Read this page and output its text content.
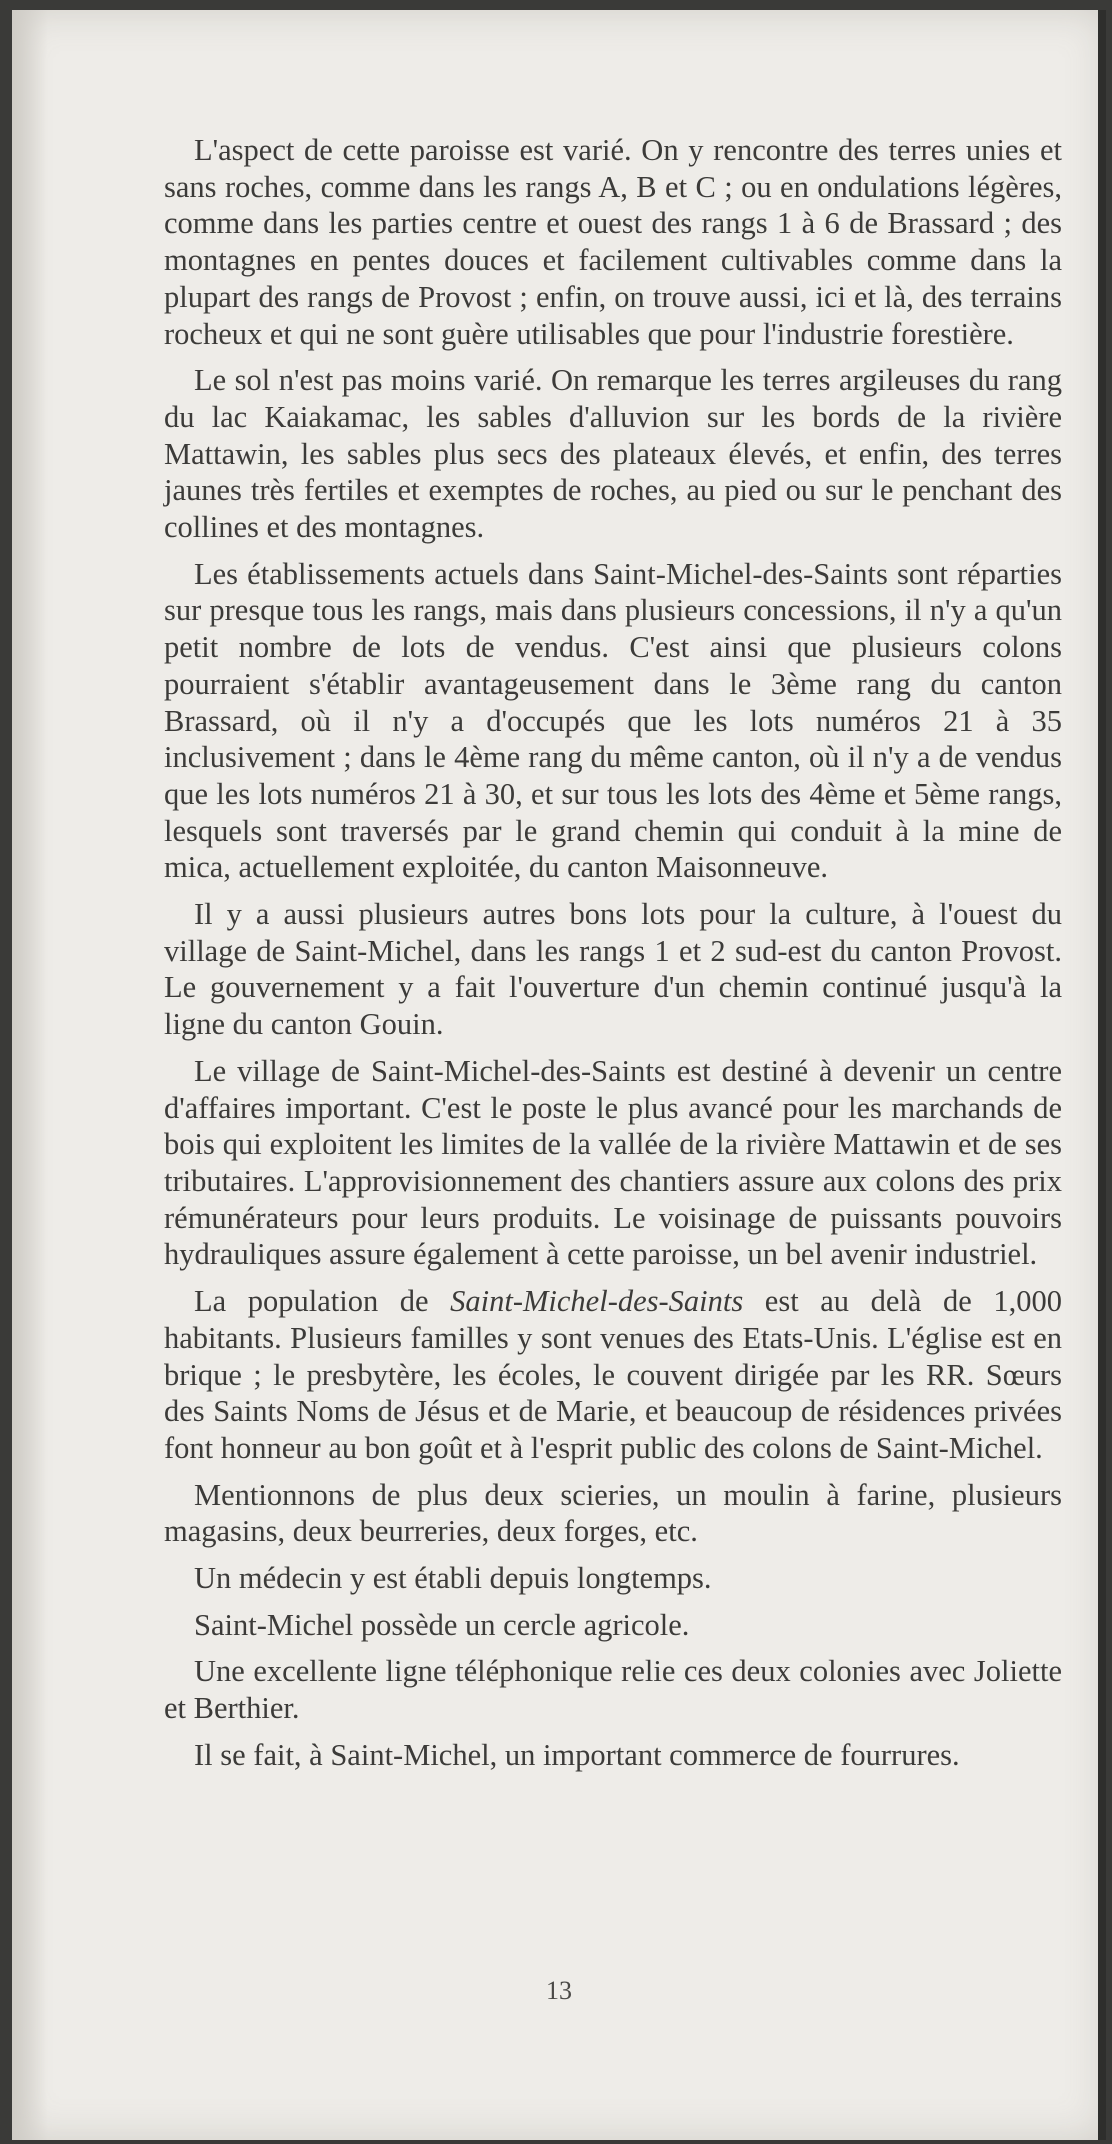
L'aspect de cette paroisse est varié. On y rencontre des terres unies et sans roches, comme dans les rangs A, B et C ; ou en ondulations légères, comme dans les parties centre et ouest des rangs 1 à 6 de Brassard ; des montagnes en pentes douces et facilement cultivables comme dans la plupart des rangs de Provost ; enfin, on trouve aussi, ici et là, des terrains rocheux et qui ne sont guère utilisables que pour l'industrie forestière.

Le sol n'est pas moins varié. On remarque les terres argileuses du rang du lac Kaiakamac, les sables d'alluvion sur les bords de la rivière Mattawin, les sables plus secs des plateaux élevés, et enfin, des terres jaunes très fertiles et exemptes de roches, au pied ou sur le penchant des collines et des montagnes.

Les établissements actuels dans Saint-Michel-des-Saints sont réparties sur presque tous les rangs, mais dans plusieurs concessions, il n'y a qu'un petit nombre de lots de vendus. C'est ainsi que plusieurs colons pourraient s'établir avantageusement dans le 3ème rang du canton Brassard, où il n'y a d'occupés que les lots numéros 21 à 35 inclusivement ; dans le 4ème rang du même canton, où il n'y a de vendus que les lots numéros 21 à 30, et sur tous les lots des 4ème et 5ème rangs, lesquels sont traversés par le grand chemin qui conduit à la mine de mica, actuellement exploitée, du canton Maisonneuve.

Il y a aussi plusieurs autres bons lots pour la culture, à l'ouest du village de Saint-Michel, dans les rangs 1 et 2 sud-est du canton Provost. Le gouvernement y a fait l'ouverture d'un chemin continué jusqu'à la ligne du canton Gouin.

Le village de Saint-Michel-des-Saints est destiné à devenir un centre d'affaires important. C'est le poste le plus avancé pour les marchands de bois qui exploitent les limites de la vallée de la rivière Mattawin et de ses tributaires. L'approvisionnement des chantiers assure aux colons des prix rémunérateurs pour leurs produits. Le voisinage de puissants pouvoirs hydrauliques assure également à cette paroisse, un bel avenir industriel.

La population de Saint-Michel-des-Saints est au delà de 1,000 habitants. Plusieurs familles y sont venues des Etats-Unis. L'église est en brique ; le presbytère, les écoles, le couvent dirigée par les RR. Sœurs des Saints Noms de Jésus et de Marie, et beaucoup de résidences privées font honneur au bon goût et à l'esprit public des colons de Saint-Michel.

Mentionnons de plus deux scieries, un moulin à farine, plusieurs magasins, deux beurreries, deux forges, etc.

Un médecin y est établi depuis longtemps.

Saint-Michel possède un cercle agricole.

Une excellente ligne téléphonique relie ces deux colonies avec Joliette et Berthier.

Il se fait, à Saint-Michel, un important commerce de fourrures.

13
